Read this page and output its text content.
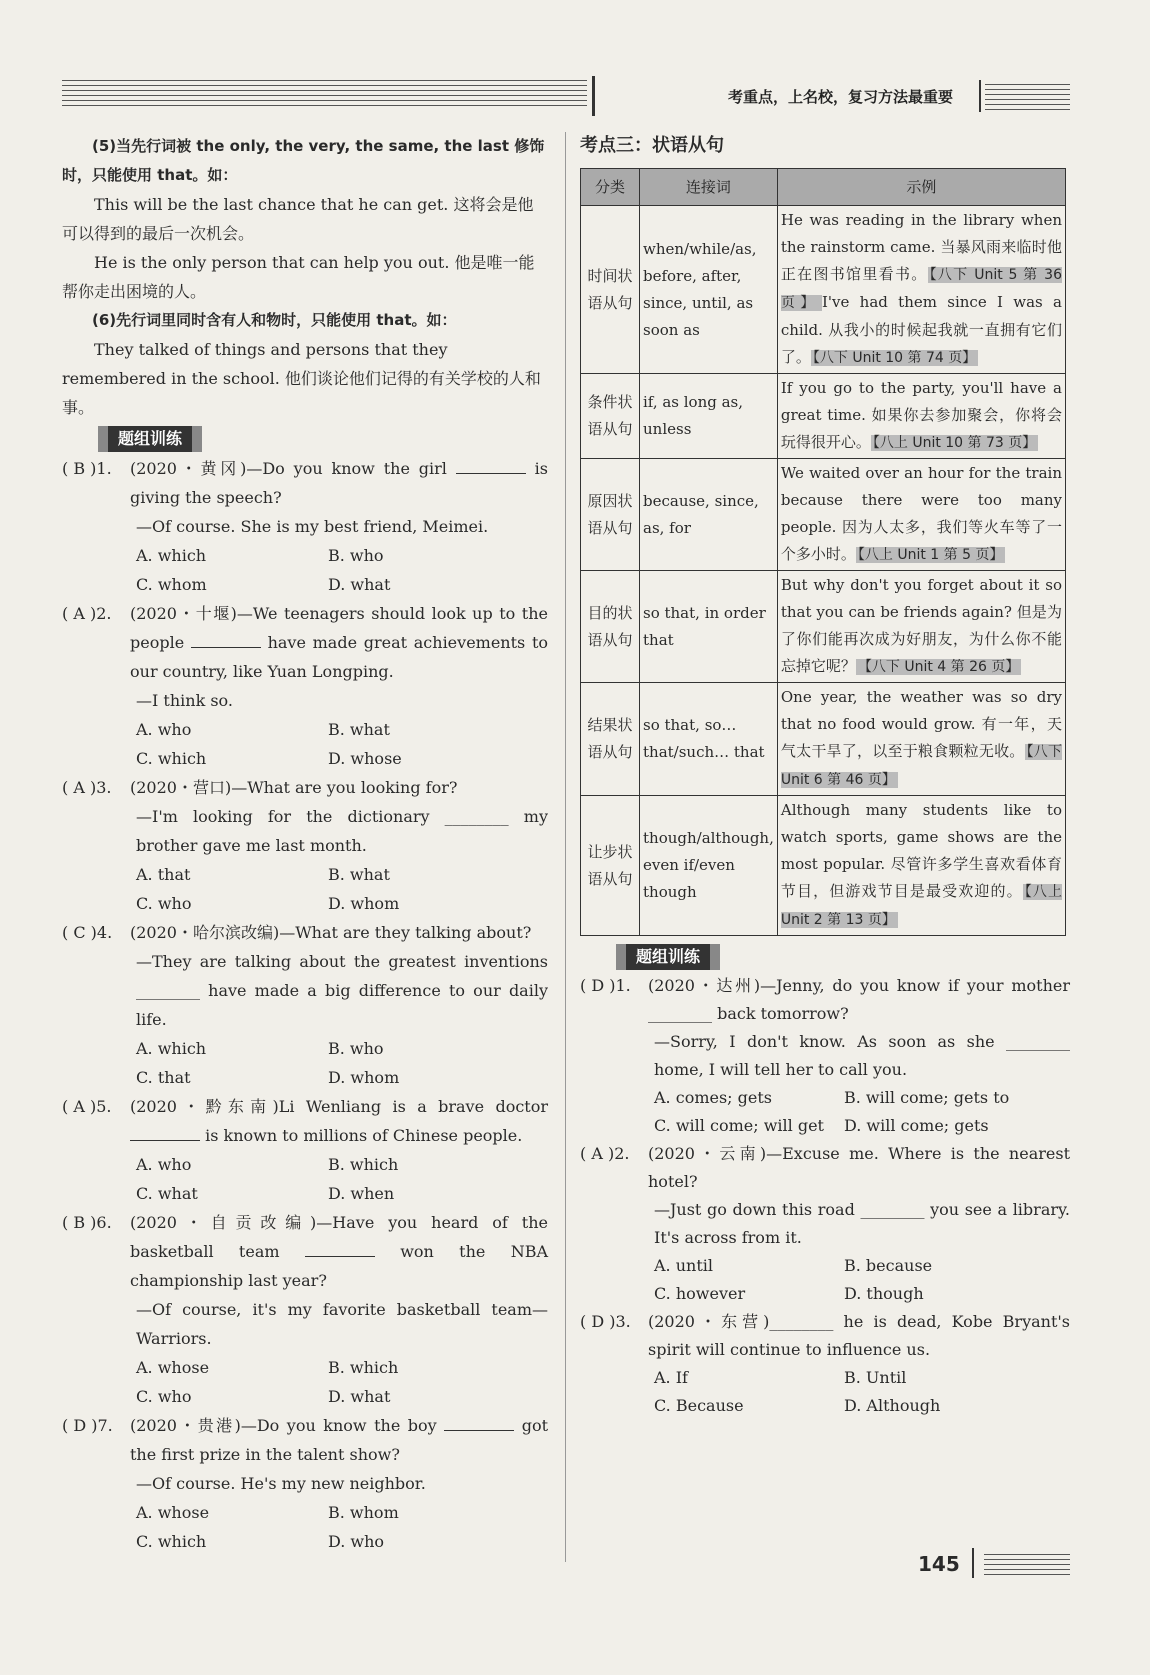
考重点，上名校，复习方法最重要

(5)当先行词被 the only, the very, the same, the last 修饰时，只能使用 that。如：

This will be the last chance that he can get. 这将会是他可以得到的最后一次机会。

He is the only person that can help you out. 他是唯一能帮你走出困境的人。

(6)先行词里同时含有人和物时，只能使用 that。如：

They talked of things and persons that they remembered in the school. 他们谈论他们记得的有关学校的人和事。

题组训练
( B )1.	(2020・黄冈)—Do you know the girl	is giving the speech?
—Of course. She is my best friend, Meimei.
A. which	B. who
C. whom	D. what
( A )2.	(2020・十堰)—We teenagers should look up to the people	have made great achievements to our country, like Yuan Longping.
—I think so.
A. who	B. what
C. which	D. whose
( A )3.	(2020・营口)—What are you looking for?
—I'm looking for the dictionary ________ my brother gave me last month.
A. that	B. what
C. who	D. whom
( C )4.	(2020・哈尔滨改编)—What are they talking about?
—They are talking about the greatest inventions ________ have made a big difference to our daily life.
A. which	B. who
C. that	D. whom
( A )5.	(2020・黔东南)Li Wenliang is a brave doctor  is known to millions of Chinese people.
A. who	B. which
C. what	D. when
( B )6.	(2020・自贡改编)—Have you heard of the basketball team	won the NBA championship last year?
—Of course, it's my favorite basketball team—Warriors.
A. whose	B. which
C. who	D. what
( D )7.	(2020・贵港)—Do you know the boy	got the first prize in the talent show?
—Of course. He's my new neighbor.
A. whose	B. whom
C. which	D. who
考点三：状语从句
分类	连接词	示例
时间状语从句	when/while/as, before, after, since, until, as soon as	He was reading in the library when the rainstorm came. 当暴风雨来临时他正在图书馆里看书。 【八下 Unit 5 第 36 页】 I've had them since I was a child. 从我小的时候起我就一直拥有它们了。 【八下 Unit 10 第 74 页】
条件状语从句	if, as long as, unless	If you go to the party, you'll have a great time. 如果你去参加聚会，你将会玩得很开心。 【八上 Unit 10 第 73 页】
原因状语从句	because, since, as, for	We waited over an hour for the train because there were too many people. 因为人太多，我们等火车等了一个多小时。 【八上 Unit 1 第 5 页】
目的状语从句	so that, in order that	But why don't you forget about it so that you can be friends again? 但是为了你们能再次成为好朋友，为什么你不能忘掉它呢？ 【八下 Unit 4 第 26 页】
结果状语从句	so that, so… that/such… that	One year, the weather was so dry that no food would grow. 有一年，天气太干旱了，以至于粮食颗粒无收。 【八下 Unit 6 第 46 页】
让步状语从句	though/although, even if/even though	Although many students like to watch sports, game shows are the most popular. 尽管许多学生喜欢看体育节目，但游戏节目是最受欢迎的。 【八上 Unit 2 第 13 页】
题组训练
( D )1.	(2020・达州)—Jenny, do you know if your mother ________ back tomorrow?
—Sorry, I don't know. As soon as she ________ home, I will tell her to call you.
A. comes; gets	B. will come; gets to
C. will come; will get	D. will come; gets
( A )2.	(2020・云南)—Excuse me. Where is the nearest hotel?
—Just go down this road ________ you see a library. It's across from it.
A. until	B. because
C. however	D. though
( D )3.	(2020・东营)________ he is dead, Kobe Bryant's spirit will continue to influence us.
A. If	B. Until
C. Because	D. Although
145
